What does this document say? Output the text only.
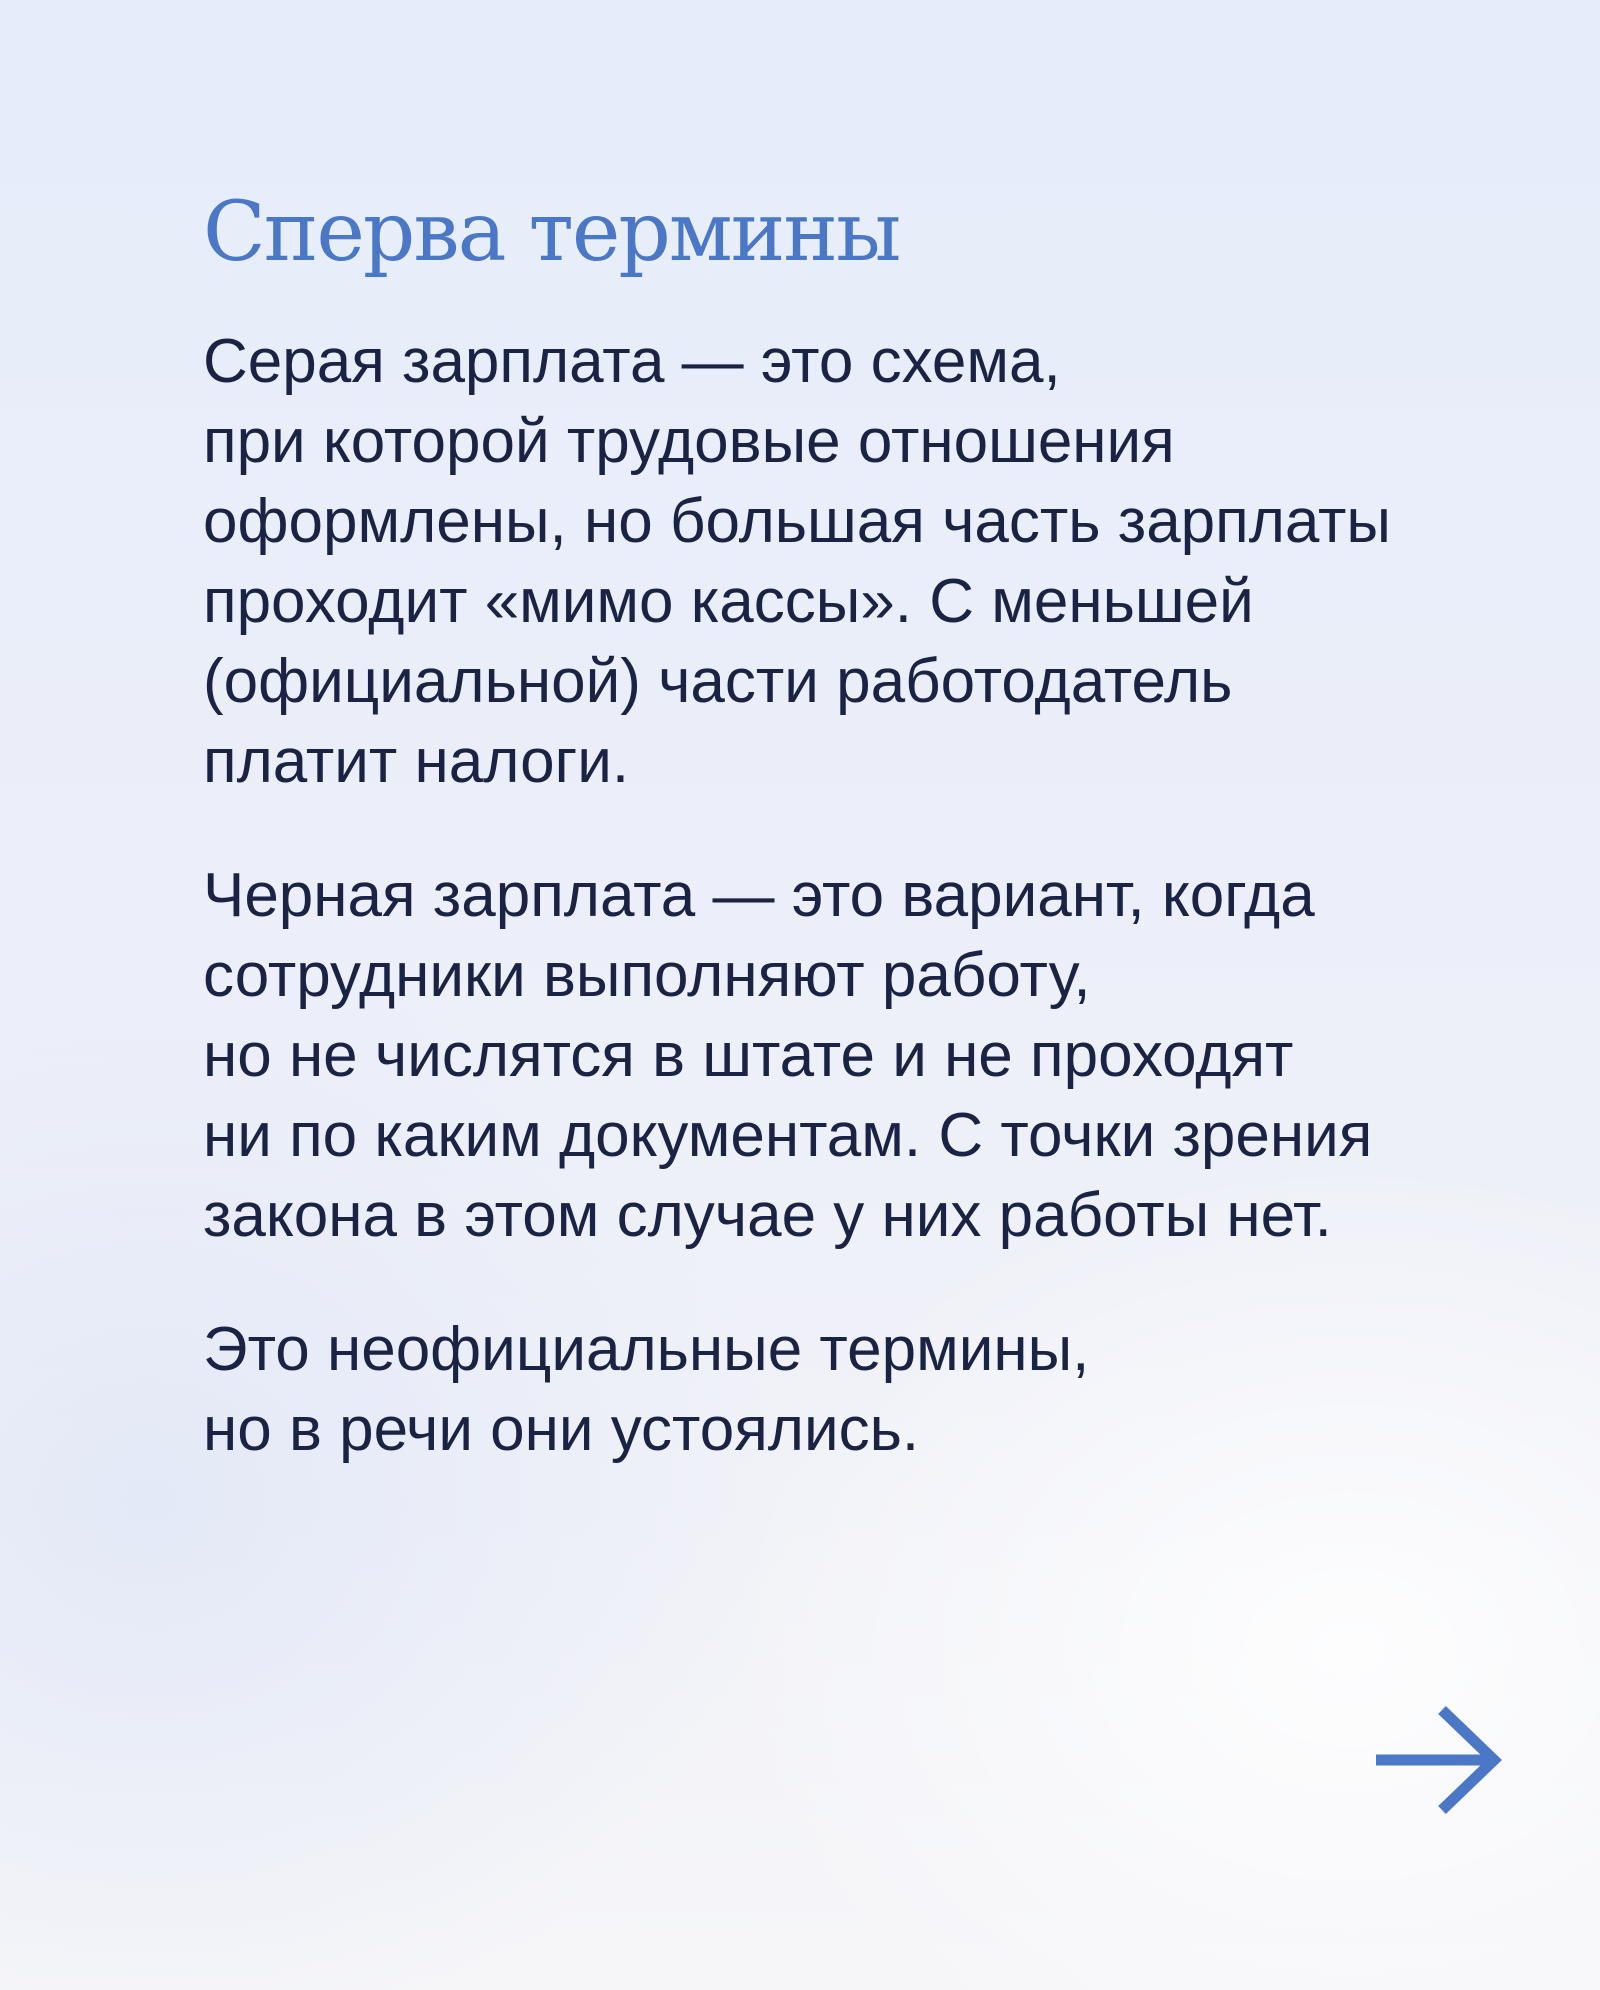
Сперва термины

Серая зарплата — это схема,
при которой трудовые отношения
оформлены, но большая часть зарплаты
проходит «мимо кассы». С меньшей
(официальной) части работодатель
платит налоги.

Черная зарплата — это вариант, когда
сотрудники выполняют работу,
но не числятся в штате и не проходят
ни по каким документам. С точки зрения
закона в этом случае у них работы нет.

Это неофициальные термины,
но в речи они устоялись.
